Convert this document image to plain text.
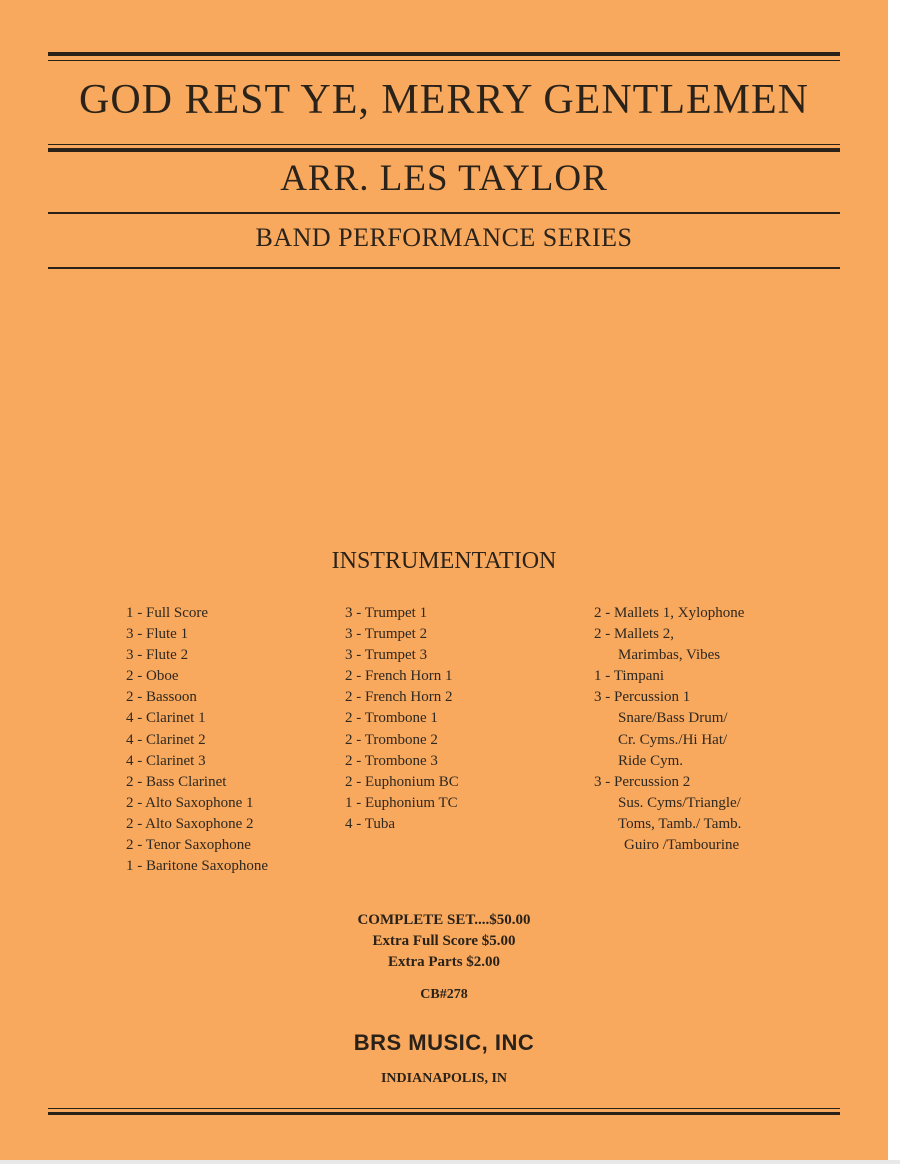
GOD REST YE, MERRY GENTLEMEN
ARR. LES TAYLOR
BAND PERFORMANCE SERIES
INSTRUMENTATION
1 - Full Score
3 - Flute 1
3 - Flute 2
2 - Oboe
2 - Bassoon
4 - Clarinet 1
4 - Clarinet 2
4 - Clarinet 3
2 - Bass Clarinet
2 - Alto Saxophone 1
2 - Alto Saxophone 2
2 - Tenor Saxophone
1 - Baritone Saxophone
3 - Trumpet 1
3 - Trumpet 2
3 - Trumpet 3
2 - French Horn 1
2 - French Horn 2
2 - Trombone 1
2 - Trombone 2
2 - Trombone 3
2 - Euphonium BC
1 - Euphonium TC
4 - Tuba
2 - Mallets 1, Xylophone
2 - Mallets 2,
Marimbas, Vibes
1 - Timpani
3 - Percussion 1
Snare/Bass Drum/
Cr. Cyms./Hi Hat/
Ride Cym.
3 - Percussion 2
Sus. Cyms/Triangle/
Toms, Tamb./ Tamb.
Guiro /Tambourine
COMPLETE SET....$50.00
Extra Full Score $5.00
Extra Parts $2.00
CB#278
BRS MUSIC, INC
INDIANAPOLIS, IN
